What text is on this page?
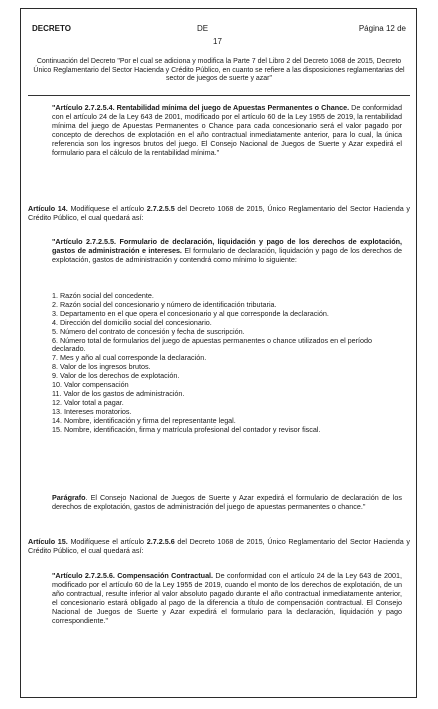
DECRETO	DE
17
Página 12 de
Continuación del Decreto "Por el cual se adiciona y modifica la Parte 7 del Libro 2 del Decreto 1068 de 2015, Decreto Único Reglamentario del Sector Hacienda y Crédito Público, en cuanto se refiere a las disposiciones reglamentarias del sector de juegos de suerte y azar"
"Artículo 2.7.2.5.4. Rentabilidad mínima del juego de Apuestas Permanentes o Chance. De conformidad con el artículo 24 de la Ley 643 de 2001, modificado por el artículo 60 de la Ley 1955 de 2019, la rentabilidad mínima del juego de Apuestas Permanentes o Chance para cada concesionario será el valor pagado por concepto de derechos de explotación en el año contractual inmediatamente anterior, para lo cual, la única referencia son los ingresos brutos del juego. El Consejo Nacional de Juegos de Suerte y Azar expedirá el formulario para el cálculo de la rentabilidad mínima."
Artículo 14. Modifíquese el artículo 2.7.2.5.5 del Decreto 1068 de 2015, Único Reglamentario del Sector Hacienda y Crédito Público, el cual quedará así:
"Artículo 2.7.2.5.5. Formulario de declaración, liquidación y pago de los derechos de explotación, gastos de administración e intereses. El formulario de declaración, liquidación y pago de los derechos de explotación, gastos de administración y contendrá como mínimo lo siguiente:
1. Razón social del concedente.
2. Razón social del concesionario y número de identificación tributaria.
3. Departamento en el que opera el concesionario y al que corresponde la declaración.
4. Dirección del domicilio social del concesionario.
5. Número del contrato de concesión y fecha de suscripción.
6. Número total de formularios del juego de apuestas permanentes o chance utilizados en el período declarado.
7. Mes y año al cual corresponde la declaración.
8. Valor de los ingresos brutos.
9. Valor de los derechos de explotación.
10. Valor compensación
11. Valor de los gastos de administración.
12. Valor total a pagar.
13. Intereses moratorios.
14. Nombre, identificación y firma del representante legal.
15. Nombre, identificación, firma y matrícula profesional del contador y revisor fiscal.
Parágrafo. El Consejo Nacional de Juegos de Suerte y Azar expedirá el formulario de declaración de los derechos de explotación, gastos de administración del juego de apuestas permanentes o chance."
Artículo 15. Modifíquese el artículo 2.7.2.5.6 del Decreto 1068 de 2015, Único Reglamentario del Sector Hacienda y Crédito Público, el cual quedará así:
"Artículo 2.7.2.5.6. Compensación Contractual. De conformidad con el artículo 24 de la Ley 643 de 2001, modificado por el artículo 60 de la Ley 1955 de 2019, cuando el monto de los derechos de explotación, de un año contractual, resulte inferior al valor absoluto pagado durante el año contractual inmediatamente anterior, el concesionario estará obligado al pago de la diferencia a título de compensación contractual. El Consejo Nacional de Juegos de Suerte y Azar expedirá el formulario para la declaración, liquidación y pago correspondiente."
